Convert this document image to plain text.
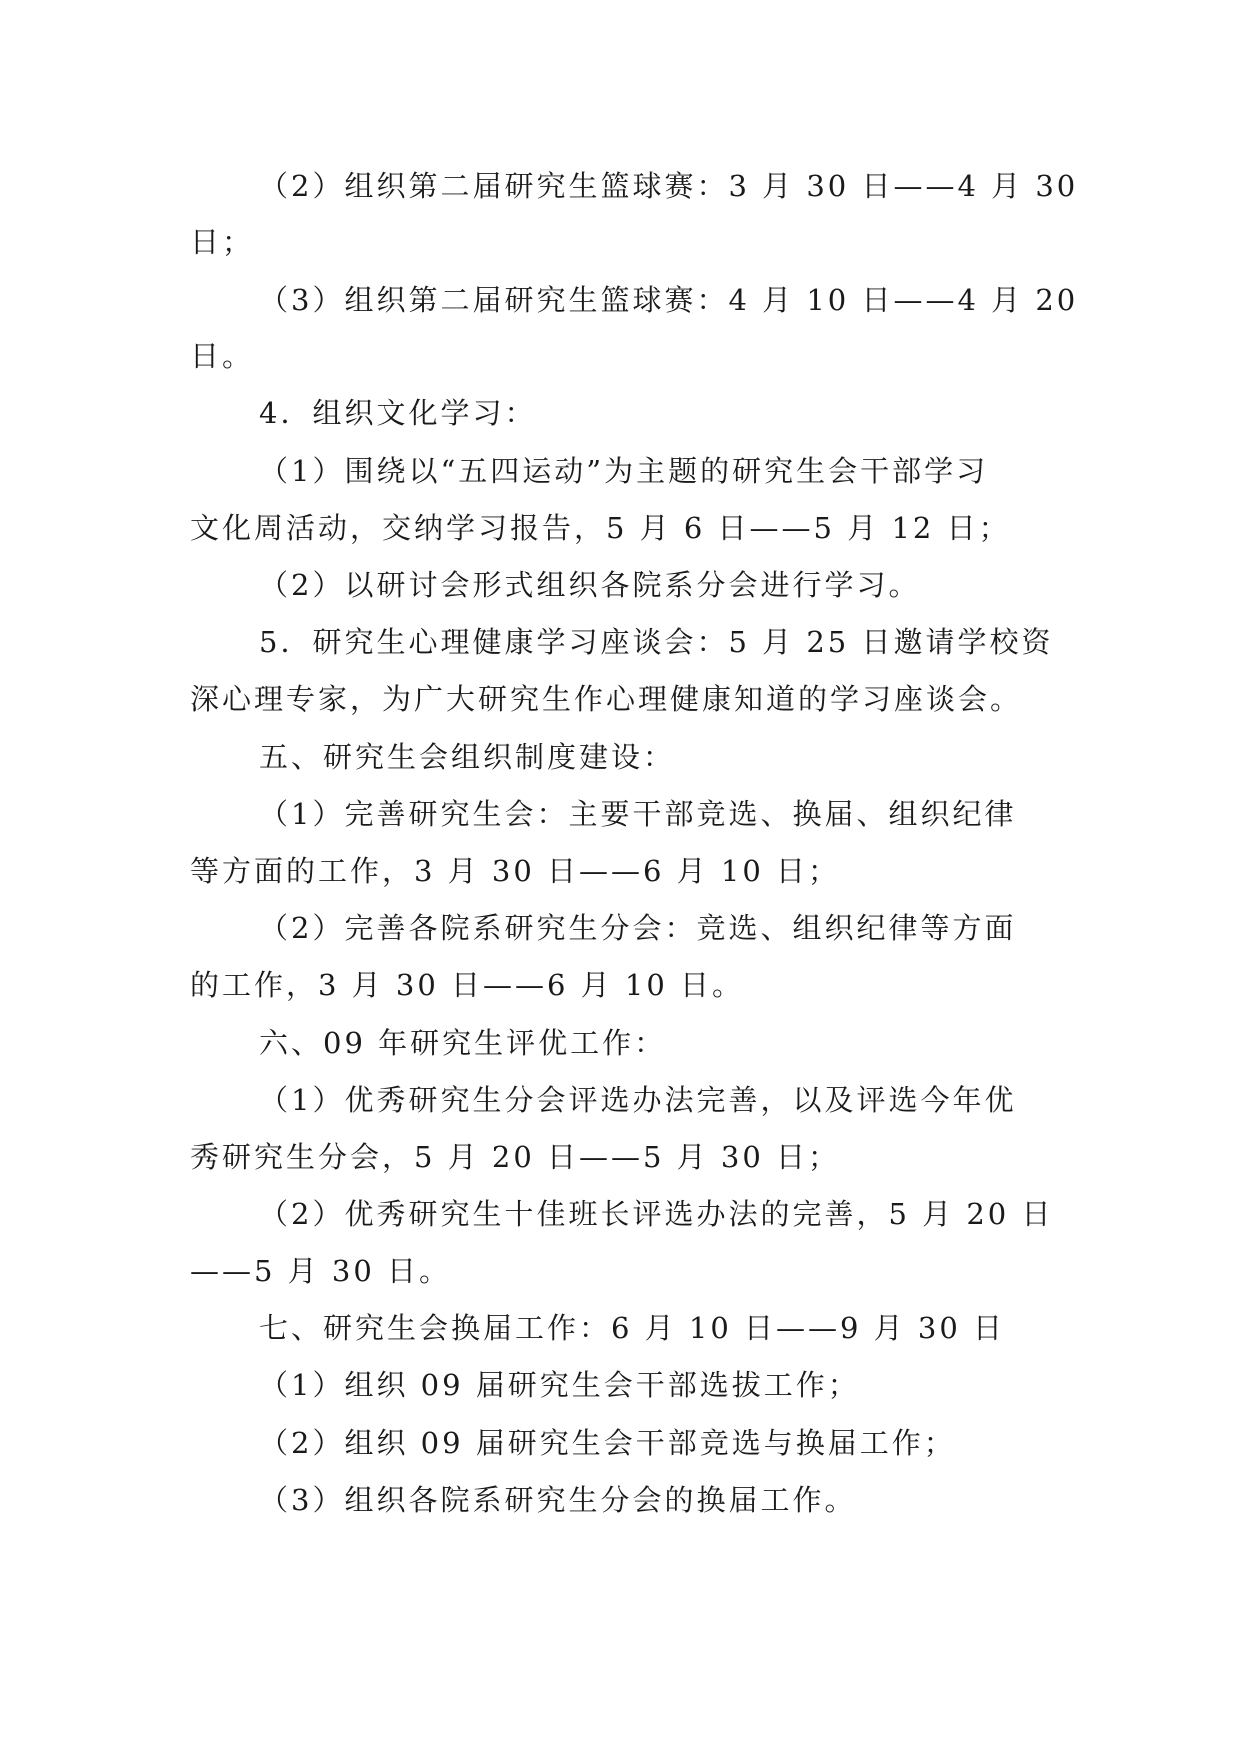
（2）组织第二届研究生篮球赛：3 月 30 日——4 月 30

日；

（3）组织第二届研究生篮球赛：4 月 10 日——4 月 20

日。

4．组织文化学习：

（1）围绕以“五四运动”为主题的研究生会干部学习

文化周活动，交纳学习报告，5 月 6 日——5 月 12 日；

（2）以研讨会形式组织各院系分会进行学习。

5．研究生心理健康学习座谈会：5 月 25 日邀请学校资

深心理专家，为广大研究生作心理健康知道的学习座谈会。

五、研究生会组织制度建设：

（1）完善研究生会：主要干部竞选、换届、组织纪律

等方面的工作，3 月 30 日——6 月 10 日；

（2）完善各院系研究生分会：竞选、组织纪律等方面

的工作，3 月 30 日——6 月 10 日。

六、09 年研究生评优工作：

（1）优秀研究生分会评选办法完善，以及评选今年优

秀研究生分会，5 月 20 日——5 月 30 日；

（2）优秀研究生十佳班长评选办法的完善，5 月 20 日

——5 月 30 日。

七、研究生会换届工作：6 月 10 日——9 月 30 日

（1）组织 09 届研究生会干部选拔工作；

（2）组织 09 届研究生会干部竞选与换届工作；

（3）组织各院系研究生分会的换届工作。
